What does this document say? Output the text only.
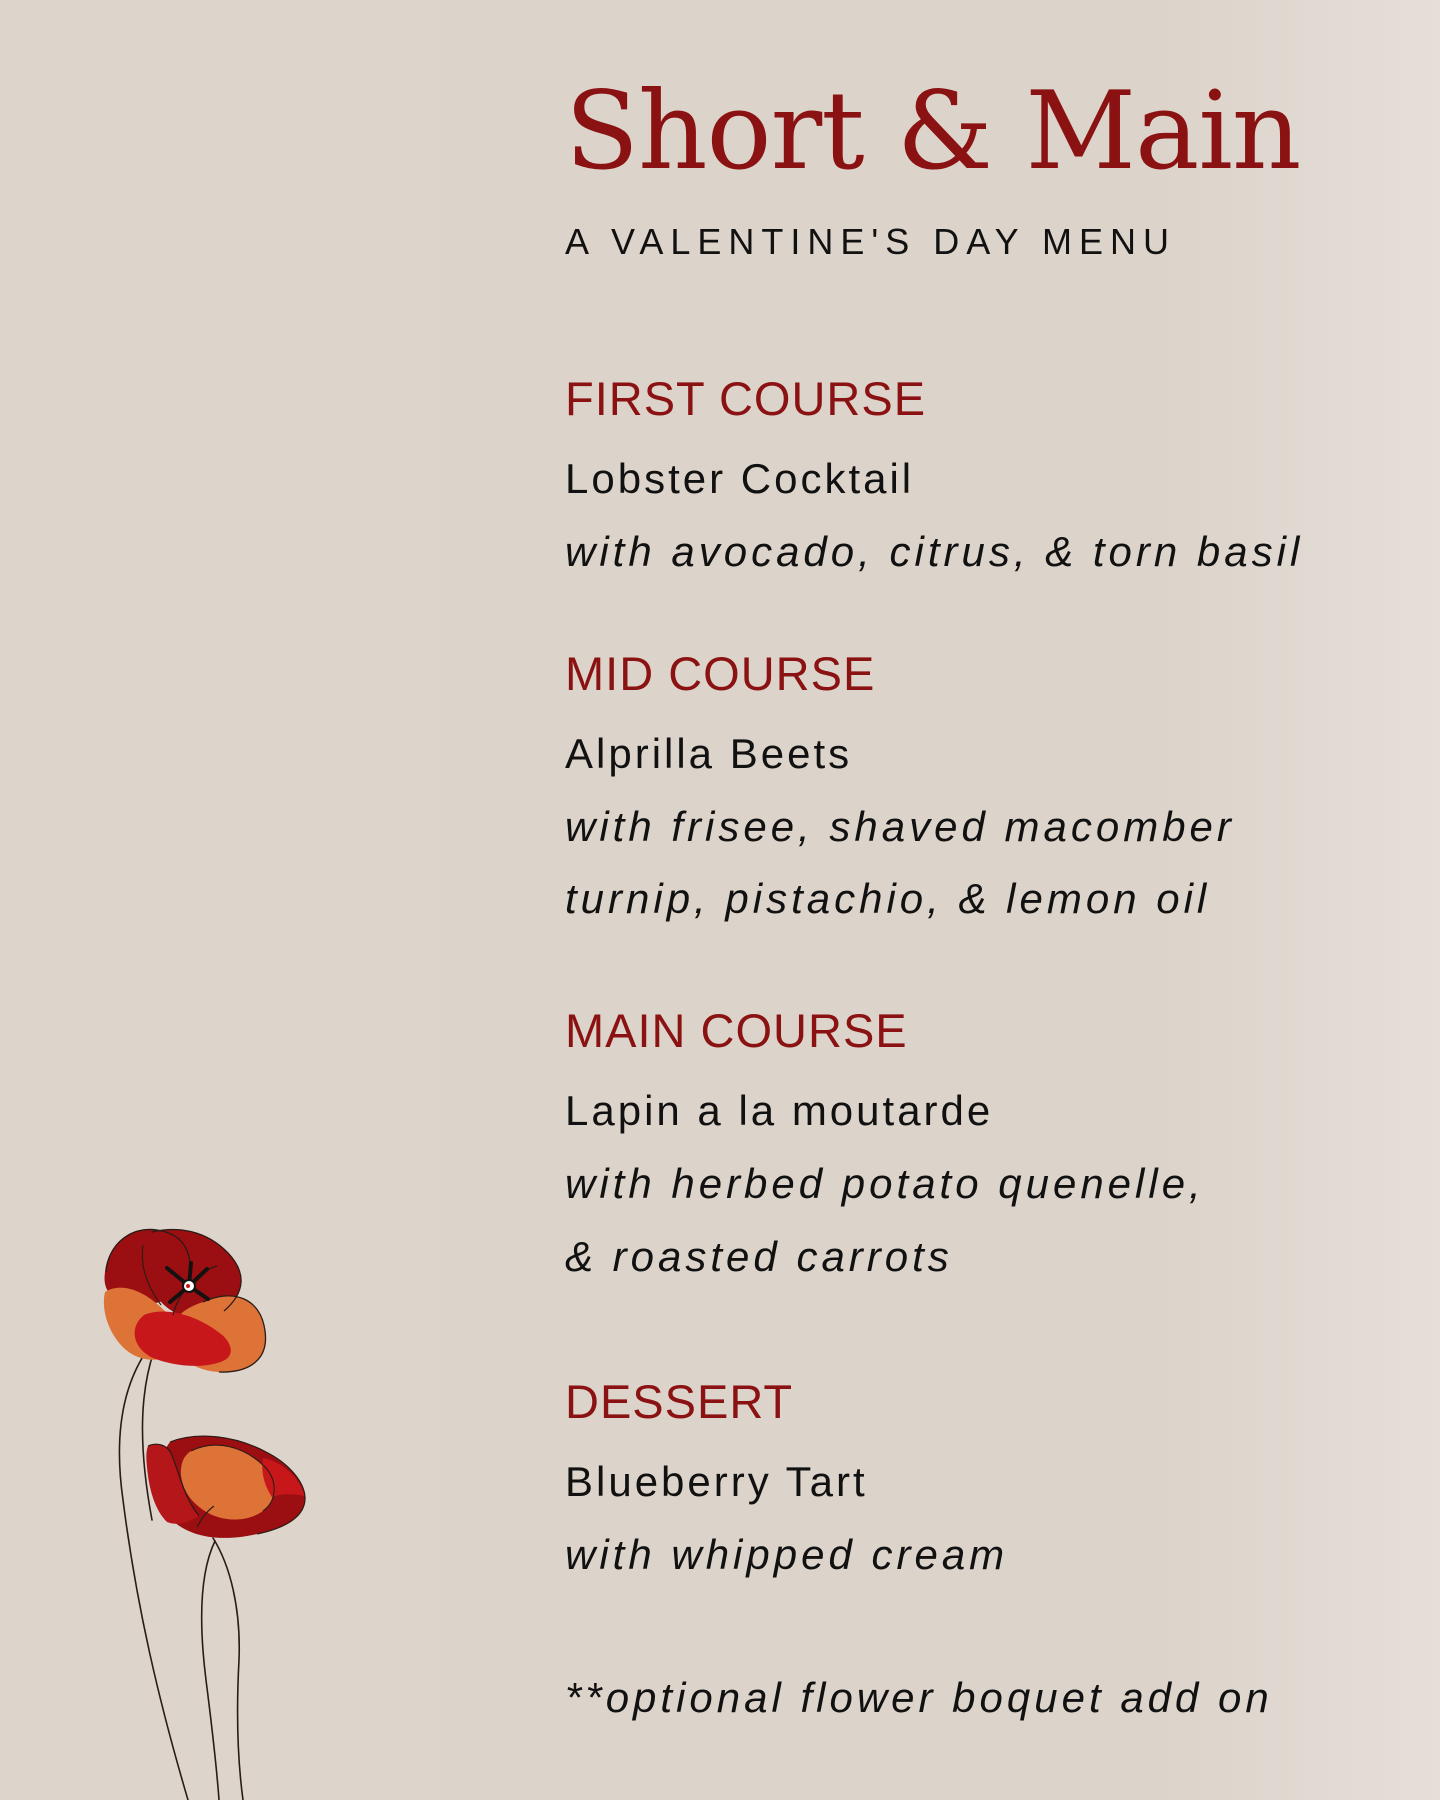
Short & Main

A VALENTINE'S DAY MENU

FIRST COURSE

Lobster Cocktail

with avocado, citrus, & torn basil

MID COURSE

Alprilla Beets

with frisee, shaved macomber

turnip, pistachio, & lemon oil

MAIN COURSE

Lapin a la moutarde

with herbed potato quenelle,

& roasted carrots

DESSERT

Blueberry Tart

with whipped cream

**optional flower boquet add on
